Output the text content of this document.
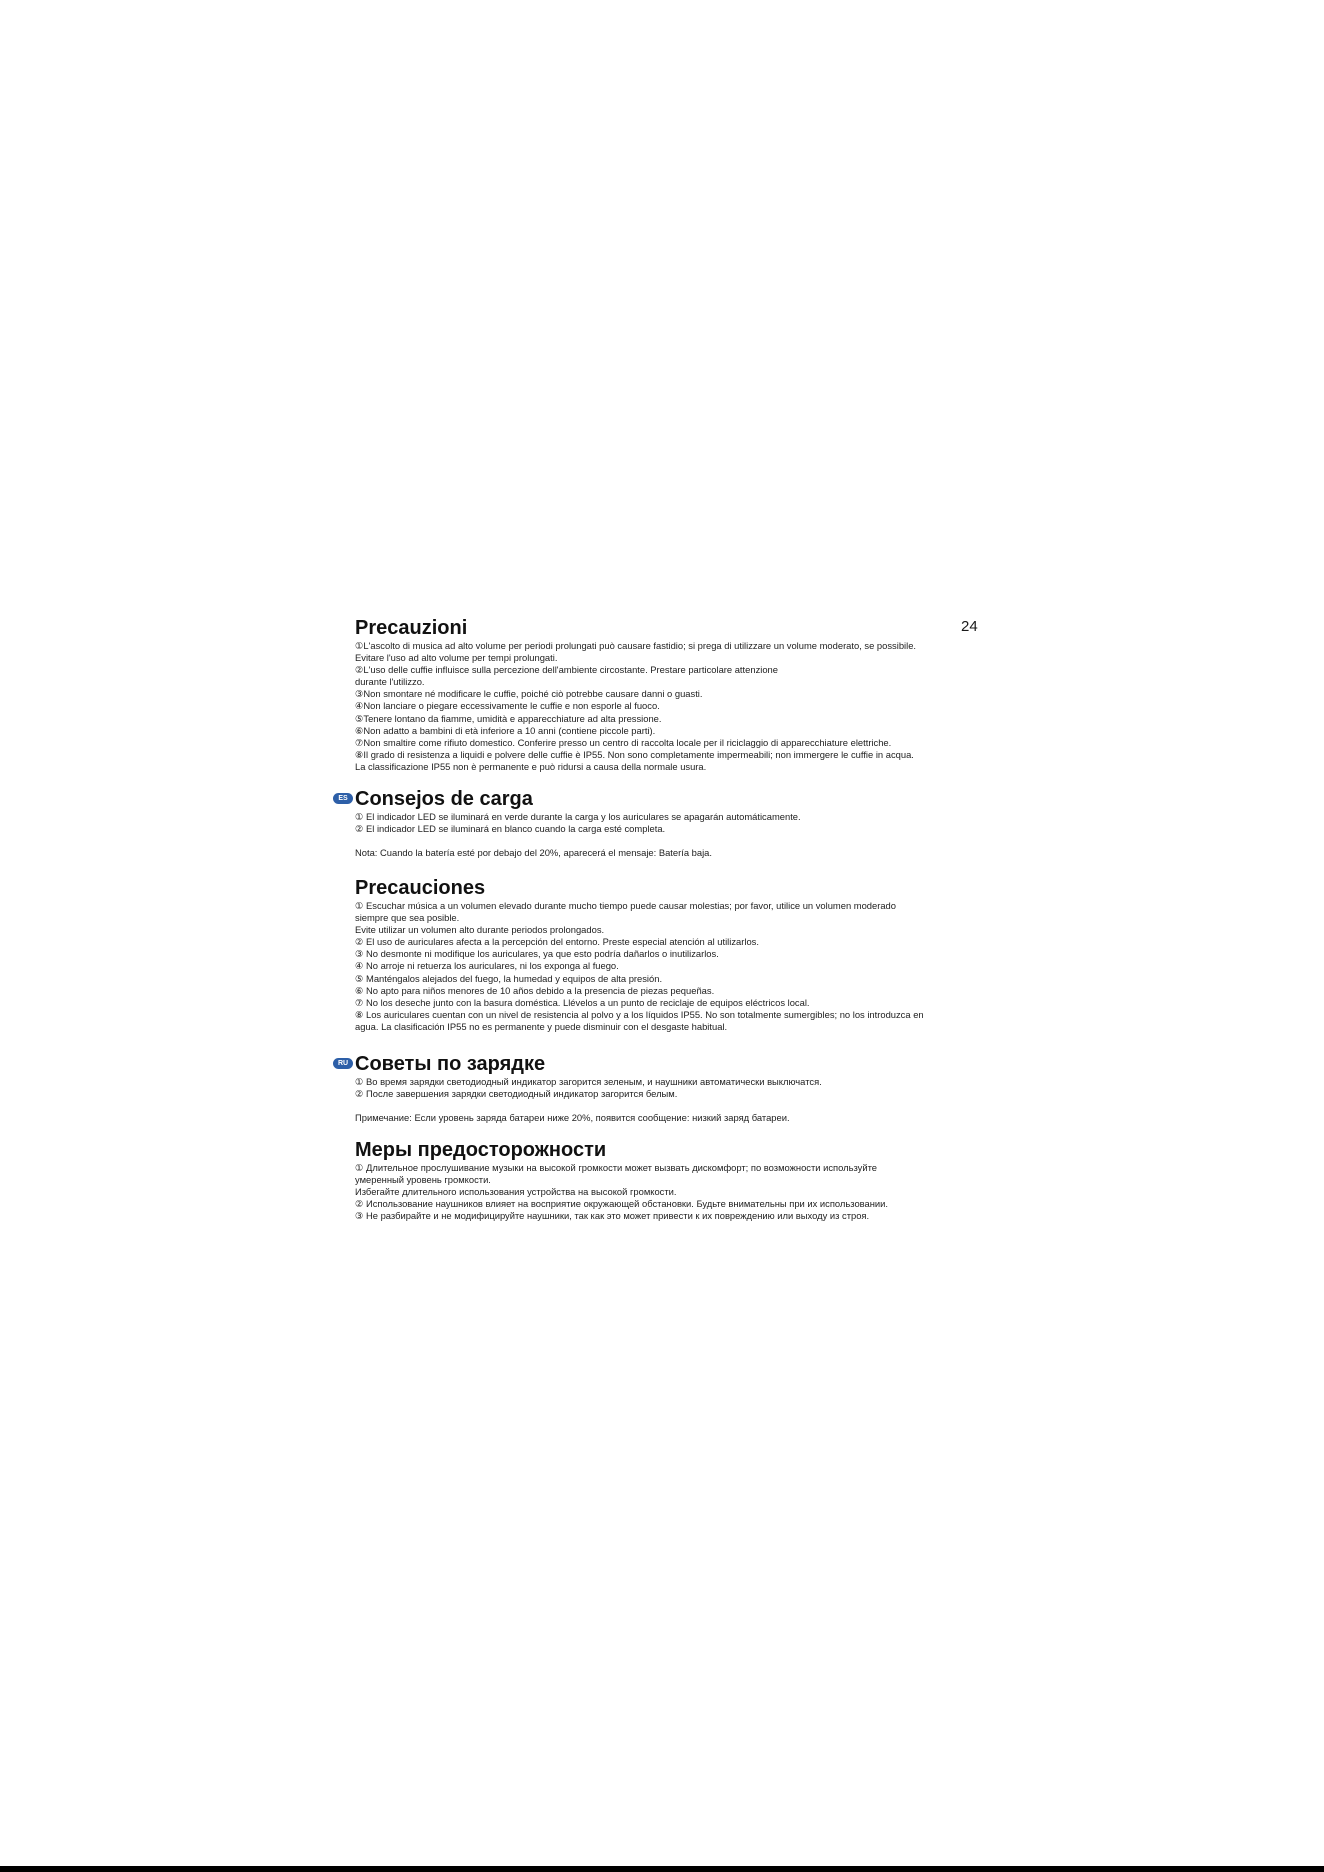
24
Precauzioni
①L'ascolto di musica ad alto volume per periodi prolungati può causare fastidio; si prega di utilizzare un volume moderato, se possibile.
Evitare l'uso ad alto volume per tempi prolungati.
②L'uso delle cuffie influisce sulla percezione dell'ambiente circostante. Prestare particolare attenzione
durante l'utilizzo.
③Non smontare né modificare le cuffie, poiché ciò potrebbe causare danni o guasti.
④Non lanciare o piegare eccessivamente le cuffie e non esporle al fuoco.
⑤Tenere lontano da fiamme, umidità e apparecchiature ad alta pressione.
⑥Non adatto a bambini di età inferiore a 10 anni (contiene piccole parti).
⑦Non smaltire come rifiuto domestico. Conferire presso un centro di raccolta locale per il riciclaggio di apparecchiature elettriche.
⑧Il grado di resistenza a liquidi e polvere delle cuffie è IP55. Non sono completamente impermeabili; non immergere le cuffie in acqua.
La classificazione IP55 non è permanente e può ridursi a causa della normale usura.
ES Consejos de carga
① El indicador LED se iluminará en verde durante la carga y los auriculares se apagarán automáticamente.
② El indicador LED se iluminará en blanco cuando la carga esté completa.
Nota: Cuando la batería esté por debajo del 20%, aparecerá el mensaje: Batería baja.
Precauciones
① Escuchar música a un volumen elevado durante mucho tiempo puede causar molestias; por favor, utilice un volumen moderado
siempre que sea posible.
Evite utilizar un volumen alto durante periodos prolongados.
② El uso de auriculares afecta a la percepción del entorno. Preste especial atención al utilizarlos.
③ No desmonte ni modifique los auriculares, ya que esto podría dañarlos o inutilizarlos.
④ No arroje ni retuerza los auriculares, ni los exponga al fuego.
⑤ Manténgalos alejados del fuego, la humedad y equipos de alta presión.
⑥ No apto para niños menores de 10 años debido a la presencia de piezas pequeñas.
⑦ No los deseche junto con la basura doméstica. Llévelos a un punto de reciclaje de equipos eléctricos local.
⑧ Los auriculares cuentan con un nivel de resistencia al polvo y a los líquidos IP55. No son totalmente sumergibles; no los introduzca en
agua. La clasificación IP55 no es permanente y puede disminuir con el desgaste habitual.
RU Советы по зарядке
① Во время зарядки светодиодный индикатор загорится зеленым, и наушники автоматически выключатся.
② После завершения зарядки светодиодный индикатор загорится белым.
Примечание: Если уровень заряда батареи ниже 20%, появится сообщение: низкий заряд батареи.
Меры предосторожности
① Длительное прослушивание музыки на высокой громкости может вызвать дискомфорт; по возможности используйте
умеренный уровень громкости.
Избегайте длительного использования устройства на высокой громкости.
② Использование наушников влияет на восприятие окружающей обстановки. Будьте внимательны при их использовании.
③ Не разбирайте и не модифицируйте наушники, так как это может привести к их повреждению или выходу из строя.
